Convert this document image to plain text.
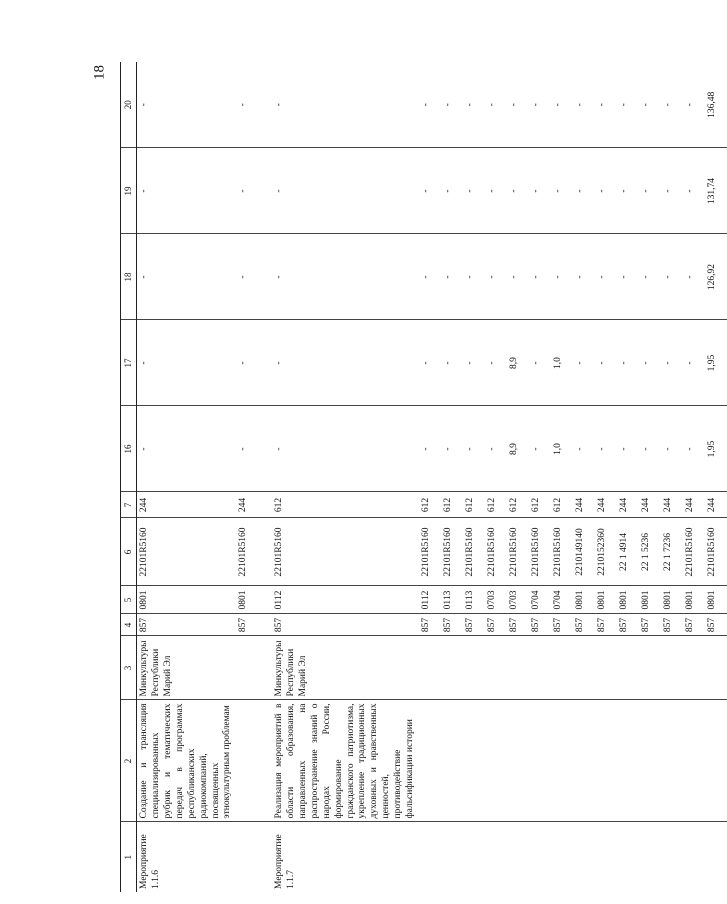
18
1	2	3	4	5	6	7	16	17	18	19	20
Мероприятие 1.1.6	Создание и трансляция специализированных рубрик и тематических передач в программах республиканских радиокомпаний, посвященных этнокультурным проблемам	Минкультуры Республики Марий Эл	857	0801	22101R5160	244	-	-	-	-	-
			857	0801	22101R5160	244	-	-	-	-	-
Мероприятие 1.1.7	Реализация мероприятий в области образования, направленных на распространение знаний о народах России, формирование гражданского патриотизма, укрепление традиционных духовных и нравственных ценностей, противодействие фальсификации истории	Минкультуры Республики Марий Эл	857	0112	22101R5160	612	-	-	-	-	-
			857	0112	22101R5160	612	-	-	-	-	-
			857	0113	22101R5160	612	-	-	-	-	-
			857	0113	22101R5160	612	-	-	-	-	-
			857	0703	22101R5160	612	-	-	-	-	-
			857	0703	22101R5160	612	8,9	8,9	-	-	-
			857	0704	22101R5160	612	-	-	-	-	-
			857	0704	22101R5160	612	1,0	1,0	-	-	-
			857	0801	2210149140	244	-	-	-	-	-
			857	0801	2210152360	244	-	-	-	-	-
			857	0801	22 1 4914	244	-	-	-	-	-
			857	0801	22 1 5236	244	-	-	-	-	-
			857	0801	22 1 7236	244	-	-	-	-	-
			857	0801	22101R5160	244	-	-	-	-	-
			857	0801	22101R5160	244	1,95	1,95	126,92	131,74	136,48
